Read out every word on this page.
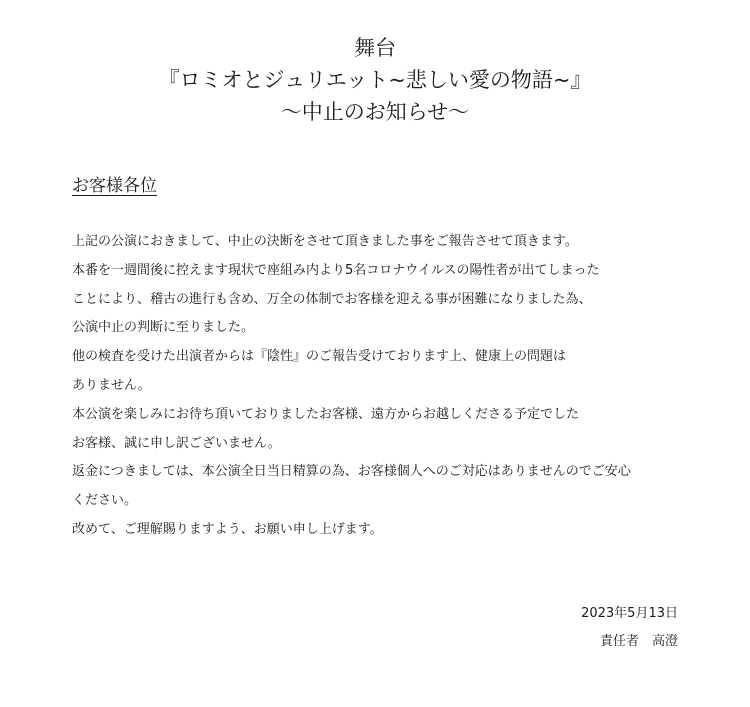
舞台
『ロミオとジュリエット~悲しい愛の物語~』
〜中止のお知らせ〜
お客様各位
上記の公演におきまして、中止の決断をさせて頂きました事をご報告させて頂きます。
本番を一週間後に控えます現状で座組み内より5名コロナウイルスの陽性者が出てしまった
ことにより、稽古の進行も含め、万全の体制でお客様を迎える事が困難になりました為、
公演中止の判断に至りました。
他の検査を受けた出演者からは『陰性』のご報告受けております上、健康上の問題は
ありません。
本公演を楽しみにお待ち頂いておりましたお客様、遠方からお越しくださる予定でした
お客様、誠に申し訳ございません。
返金につきましては、本公演全日当日精算の為、お客様個人へのご対応はありませんのでご安心
ください。
改めて、ご理解賜りますよう、お願い申し上げます。
2023年5月13日
責任者　高澄
